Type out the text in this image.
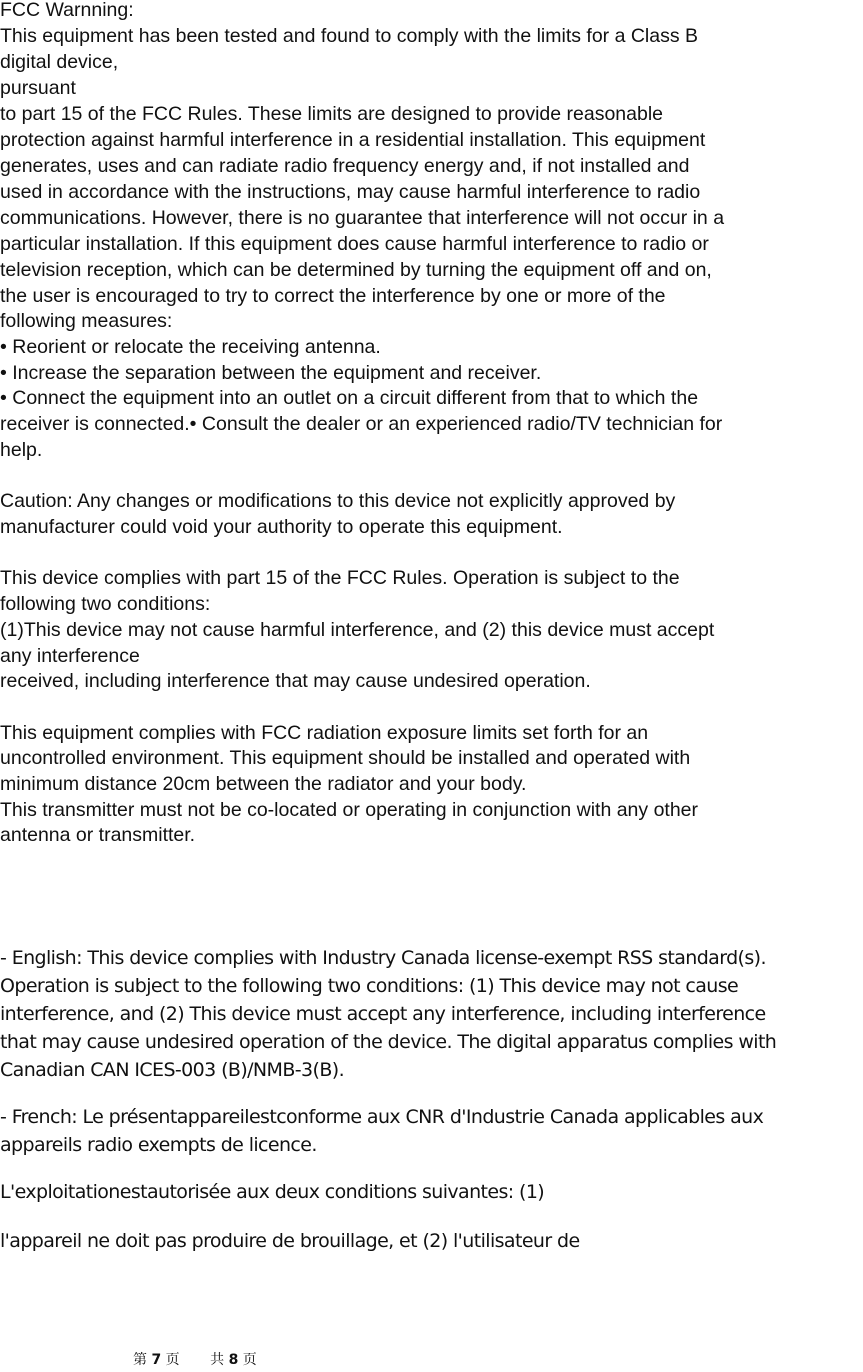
FCC Warnning:

This equipment has been tested and found to comply with the limits for a Class B

digital device,

pursuant

to part 15 of the FCC Rules. These limits are designed to provide reasonable

protection against harmful interference in a residential installation. This equipment

generates, uses and can radiate radio frequency energy and, if not installed and

used in accordance with the instructions, may cause harmful interference to radio

communications. However, there is no guarantee that interference will not occur in a

particular installation. If this equipment does cause harmful interference to radio or

television reception, which can be determined by turning the equipment off and on,

the user is encouraged to try to correct the interference by one or more of the

following measures:

• Reorient or relocate the receiving antenna.

• Increase the separation between the equipment and receiver.

• Connect the equipment into an outlet on a circuit different from that to which the

receiver is connected.• Consult the dealer or an experienced radio/TV technician for

help.

Caution: Any changes or modifications to this device not explicitly approved by

manufacturer could void your authority to operate this equipment.

This device complies with part 15 of the FCC Rules. Operation is subject to the

following two conditions:

(1)This device may not cause harmful interference, and (2) this device must accept

any interference

received, including interference that may cause undesired operation.

This equipment complies with FCC radiation exposure limits set forth for an

uncontrolled environment. This equipment should be installed and operated with

minimum distance 20cm between the radiator and your body.

This transmitter must not be co-located or operating in conjunction with any other

antenna or transmitter.

- English: This device complies with Industry Canada license-exempt RSS standard(s).

Operation is subject to the following two conditions: (1) This device may not cause

interference, and (2) This device must accept any interference, including interference

that may cause undesired operation of the device. The digital apparatus complies with

Canadian CAN ICES-003 (B)/NMB-3(B).

- French: Le présentappareilestconforme aux CNR d'Industrie Canada applicables aux

appareils radio exempts de licence.

L'exploitationestautorisée aux deux conditions suivantes: (1)

l'appareil ne doit pas produire de brouillage, et (2) l'utilisateur de

第 7 页 共 8 页
